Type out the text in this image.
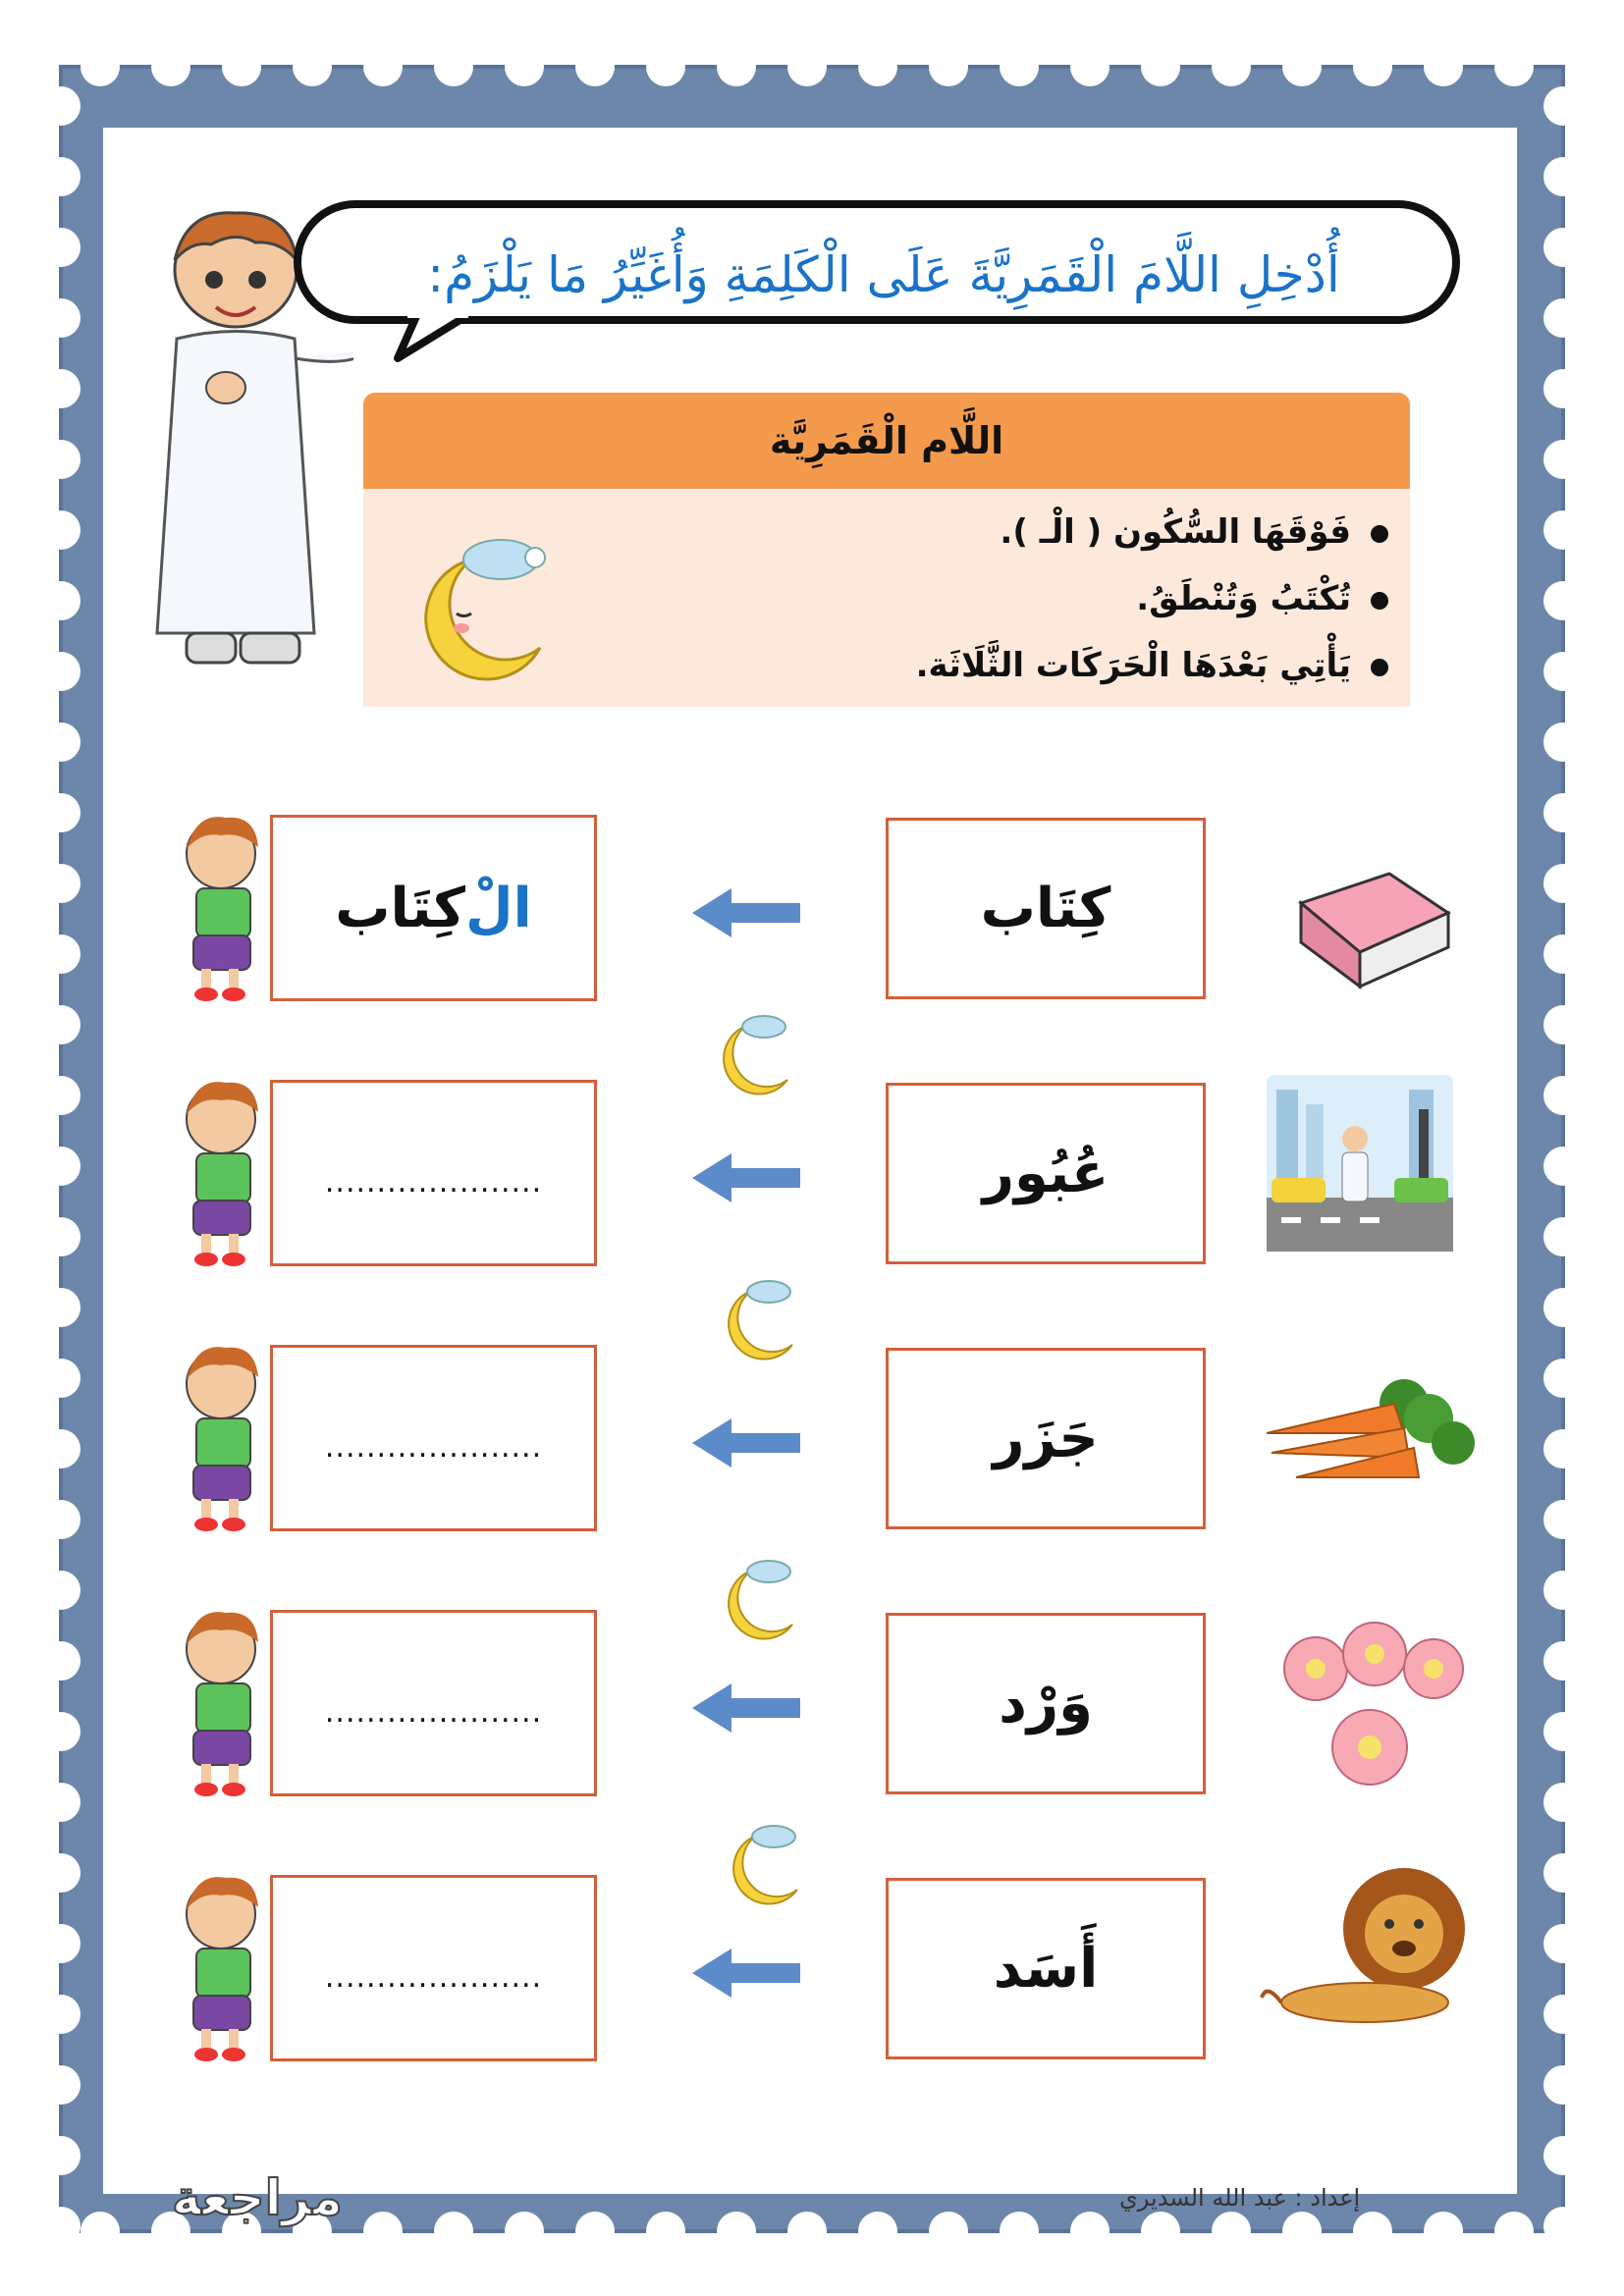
أُدْخِلِ اللَّامَ الْقَمَرِيَّةَ عَلَى الْكَلِمَةِ وَأُغَيِّرُ مَا يَلْزَمُ:
اللَّام الْقَمَرِيَّة
فَوْقَهَا السُّكُون ( الْـ ).
تُكْتَبُ وَتُنْطَقُ.
يَأْتِي بَعْدَهَا الْحَرَكَات الثَّلَاثَة.
كِتَاب
الْ
كِتَاب
عُبُور
.....................
جَزَر
.....................
وَرْد
.....................
أَسَد
.....................
مراجعة	إعداد : عبد الله السديري
